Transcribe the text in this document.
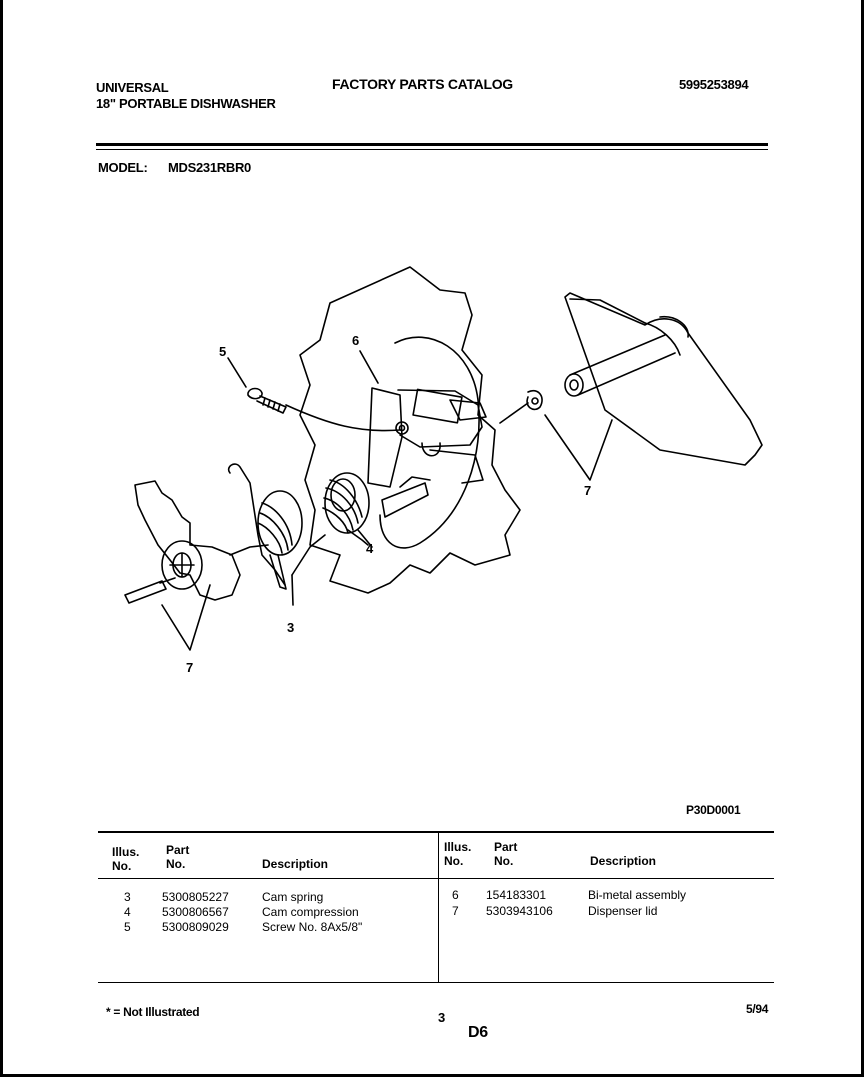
UNIVERSAL
18" PORTABLE DISHWASHER
FACTORY PARTS CATALOG	5995253894
MODEL: MDS231RBR0
5
6
7
4
3
7
P30D0001
Illus.
No.
Part
No.	Description
Illus.
No.
Part
No.	Description
3	5300805227	Cam spring
4	5300806567	Cam compression
5	5300809029	Screw No. 8Ax5/8"
6 154183301	Bi-metal assembly
7 5303943106	Dispenser lid
* = Not Illustrated	3
D6
5/94
